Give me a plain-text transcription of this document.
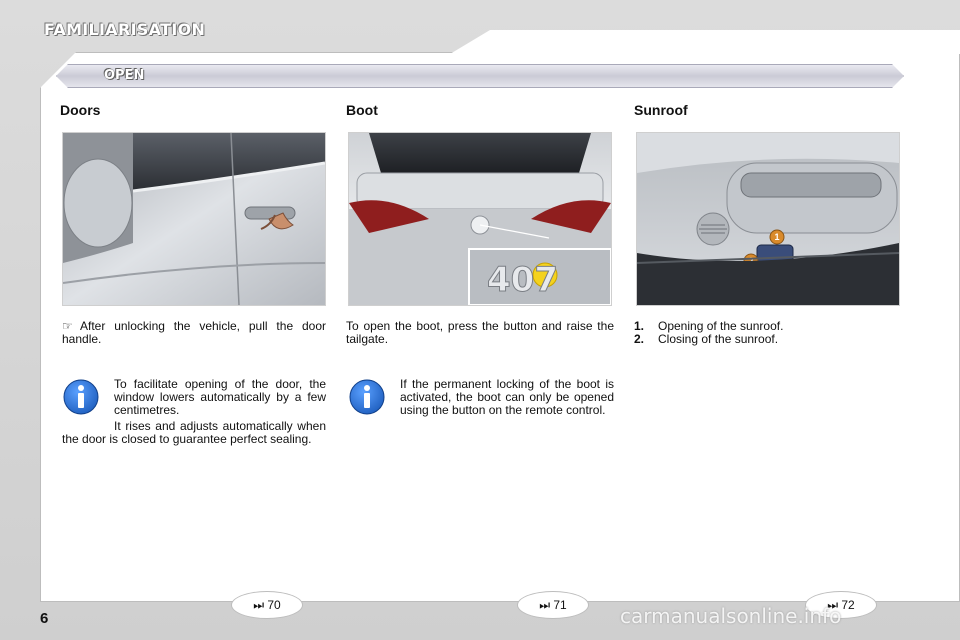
FAMILIARISATION
OPEN
Doors	Boot	Sunroof
407
1
☞ After unlocking the vehicle, pull the door handle.
To facilitate opening of the door, the window lowers automatically by a few centimetres.
It rises and adjusts automatically when the door is closed to guarantee perfect sealing.
To open the boot, press the button and raise the tailgate.
If the permanent locking of the boot is activated, the boot can only be opened using the button on the remote control.
1. Opening of the sunroof.
2. Closing of the sunroof.
6
⏭ 70	⏭ 71	⏭ 72
carmanualsonline.info
